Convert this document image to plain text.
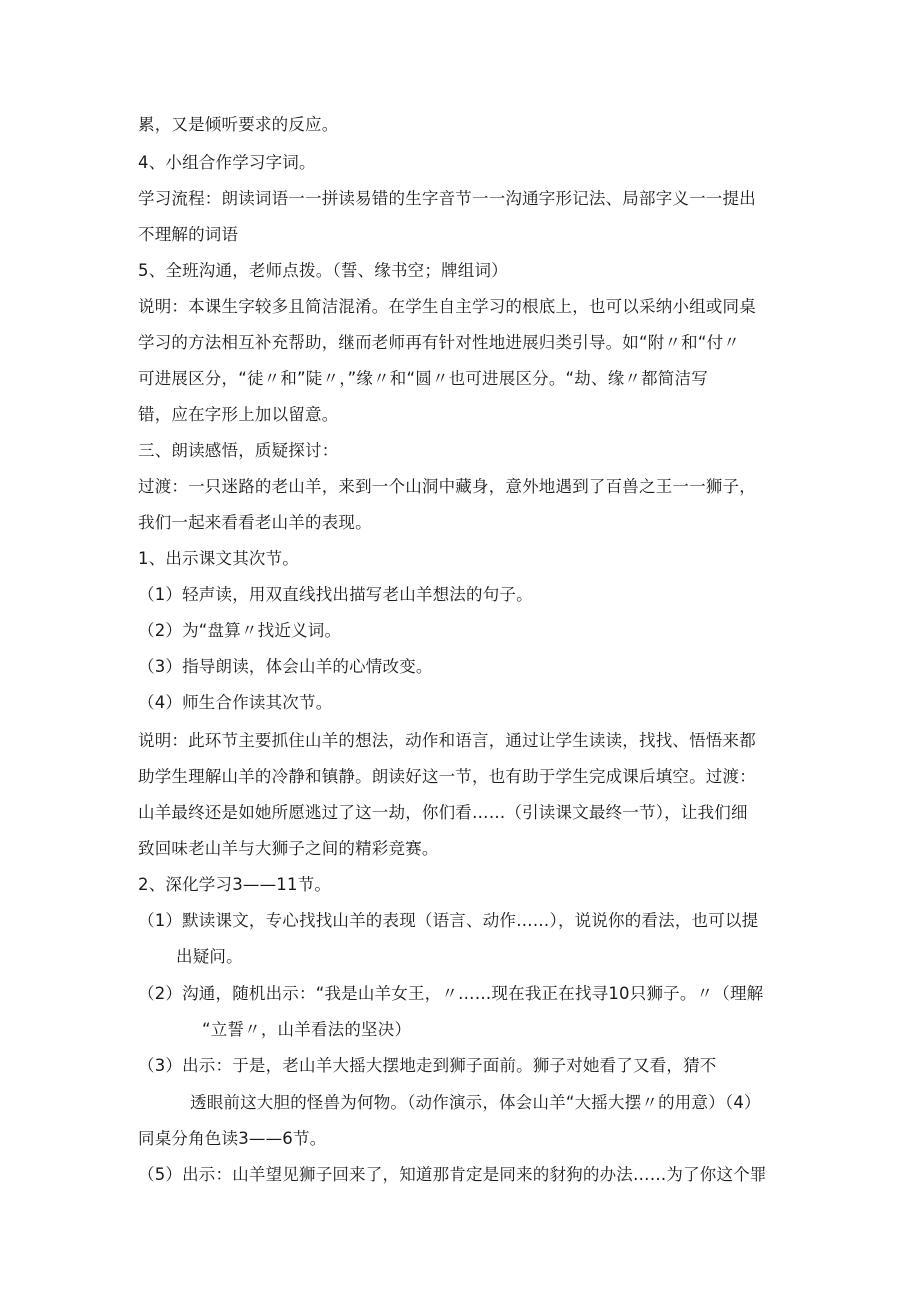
累，又是倾听要求的反应。
4、小组合作学习字词。
学习流程：朗读词语一一拼读易错的生字音节一一沟通字形记法、局部字义一一提出
不理解的词语
5、全班沟通，老师点拨。（誓、缘书空；牌组词）
说明：本课生字较多且简洁混淆。在学生自主学习的根底上，也可以采纳小组或同桌
学习的方法相互补充帮助，继而老师再有针对性地进展归类引导。如“附〃和“付〃
可进展区分，“徒〃和”陡〃，”缘〃和“圆〃也可进展区分。“劫、缘〃都简洁写
错，应在字形上加以留意。
三、朗读感悟，质疑探讨：
过渡：一只迷路的老山羊，来到一个山洞中藏身，意外地遇到了百兽之王一一狮子，
我们一起来看看老山羊的表现。
1、出示课文其次节。
（1）轻声读，用双直线找出描写老山羊想法的句子。
（2）为“盘算〃找近义词。
（3）指导朗读，体会山羊的心情改变。
（4）师生合作读其次节。
说明：此环节主要抓住山羊的想法，动作和语言，通过让学生读读，找找、悟悟来都
助学生理解山羊的冷静和镇静。朗读好这一节，也有助于学生完成课后填空。过渡：
山羊最终还是如她所愿逃过了这一劫，你们看……（引读课文最终一节），让我们细
致回味老山羊与大狮子之间的精彩竞赛。
2、深化学习3——11节。
（1）默读课文，专心找找山羊的表现（语言、动作……），说说你的看法，也可以提
出疑问。
（2）沟通，随机出示：“我是山羊女王，〃……现在我正在找寻10只狮子。〃（理解
“立誓〃，山羊看法的坚决）
（3）出示：于是，老山羊大摇大摆地走到狮子面前。狮子对她看了又看，猜不
透眼前这大胆的怪兽为何物。（动作演示，体会山羊“大摇大摆〃的用意）（4）
同桌分角色读3——6节。
（5）出示：山羊望见狮子回来了，知道那肯定是同来的豺狗的办法……为了你这个罪
